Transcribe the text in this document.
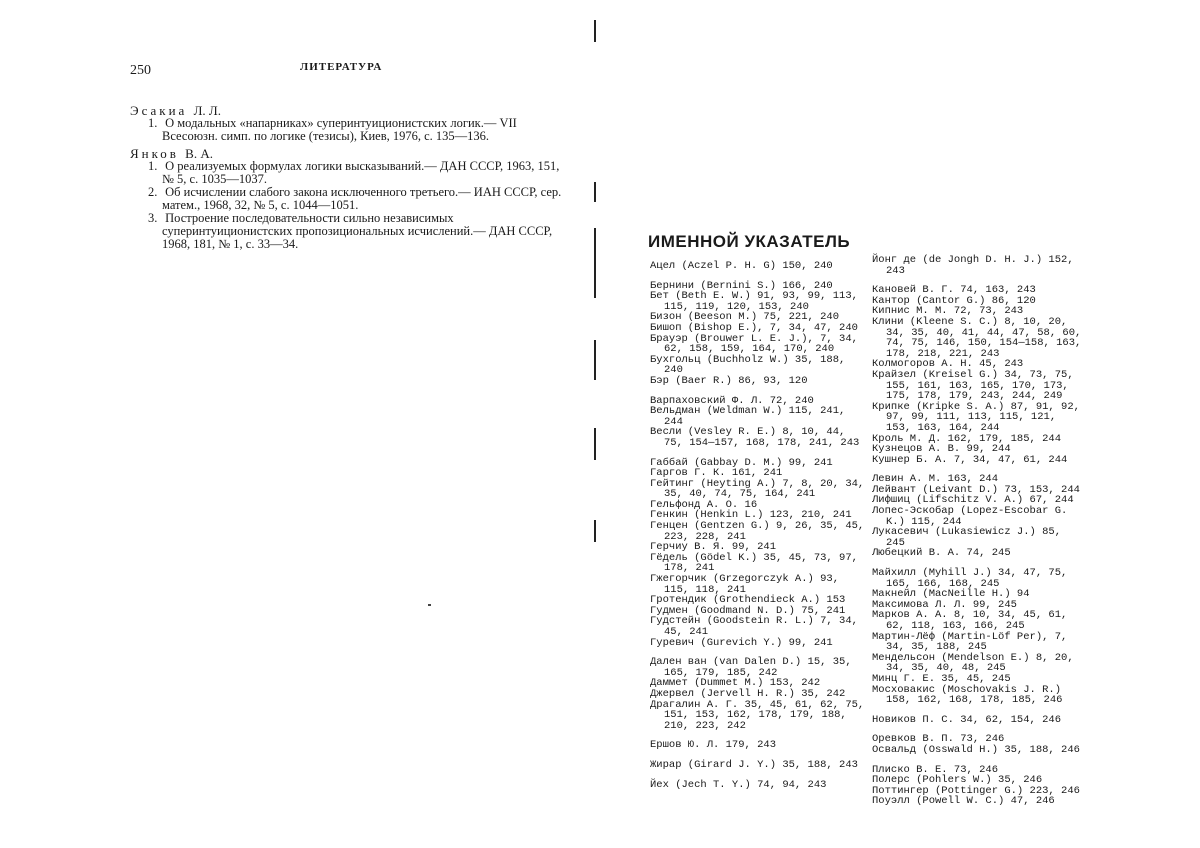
250	ЛИТЕРАТУРА
Эсакиа Л. Л.
1. О модальных «напарниках» суперинтуиционистских логик.— VII Всесоюзн. симп. по логике (тезисы), Киев, 1976, с. 135—136.
Янков В. А.
1. О реализуемых формулах логики высказываний.— ДАН СССР, 1963, 151, № 5, с. 1035—1037.
2. Об исчислении слабого закона исключенного третьего.— ИАН СССР, сер. матем., 1968, 32, № 5, с. 1044—1051.
3. Построение последовательности сильно независимых суперинтуиционистских пропозициональных исчислений.— ДАН СССР, 1968, 181, № 1, с. 33—34.	ИМЕННОЙ УКАЗАТЕЛЬ
Ацел (Aczel P. H. G) 150, 240
Бернини (Bernini S.) 166, 240
Бет (Beth E. W.) 91, 93, 99, 113, 115, 119, 120, 153, 240
Бизон (Beeson M.) 75, 221, 240
Бишоп (Bishop E.), 7, 34, 47, 240
Брауэр (Brouwer L. E. J.), 7, 34, 62, 158, 159, 164, 170, 240
Бухгольц (Buchholz W.) 35, 188, 240
Бэр (Baer R.) 86, 93, 120
Варпаховский Ф. Л. 72, 240
Вельдман (Weldman W.) 115, 241, 244
Весли (Vesley R. E.) 8, 10, 44, 75, 154—157, 168, 178, 241, 243
Габбай (Gabbay D. M.) 99, 241
Гаргов Г. К. 161, 241
Гейтинг (Heyting A.) 7, 8, 20, 34, 35, 40, 74, 75, 164, 241
Гельфонд А. О. 16
Генкин (Henkin L.) 123, 210, 241
Генцен (Gentzen G.) 9, 26, 35, 45, 223, 228, 241
Герчиу В. Я. 99, 241
Гёдель (Gödel K.) 35, 45, 73, 97, 178, 241
Гжегорчик (Grzegorczyk A.) 93, 115, 118, 241
Гротендик (Grothendieck A.) 153
Гудмен (Goodmand N. D.) 75, 241
Гудстейн (Goodstein R. L.) 7, 34, 45, 241
Гуревич (Gurevich Y.) 99, 241
Дален ван (van Dalen D.) 15, 35, 165, 179, 185, 242
Даммет (Dummet M.) 153, 242
Джервел (Jervell H. R.) 35, 242
Драгалин А. Г. 35, 45, 61, 62, 75, 151, 153, 162, 178, 179, 188, 210, 223, 242
Ершов Ю. Л. 179, 243
Жирар (Girard J. Y.) 35, 188, 243
Йех (Jech T. Y.) 74, 94, 243
Йонг де (de Jongh D. H. J.) 152, 243
Кановей В. Г. 74, 163, 243
Кантор (Cantor G.) 86, 120
Кипнис М. М. 72, 73, 243
Клини (Kleene S. C.) 8, 10, 20, 34, 35, 40, 41, 44, 47, 58, 60, 74, 75, 146, 150, 154—158, 163, 178, 218, 221, 243
Колмогоров А. Н. 45, 243
Крайзел (Kreisel G.) 34, 73, 75, 155, 161, 163, 165, 170, 173, 175, 178, 179, 243, 244, 249
Крипке (Kripke S. A.) 87, 91, 92, 97, 99, 111, 113, 115, 121, 153, 163, 164, 244
Кроль М. Д. 162, 179, 185, 244
Кузнецов А. В. 99, 244
Кушнер Б. А. 7, 34, 47, 61, 244
Левин А. М. 163, 244
Лейвант (Leivant D.) 73, 153, 244
Лифшиц (Lifschitz V. A.) 67, 244
Лопес-Эскобар (Lopez-Escobar G. K.) 115, 244
Лукасевич (Lukasiewicz J.) 85, 245
Любецкий В. А. 74, 245
Майхилл (Myhill J.) 34, 47, 75, 165, 166, 168, 245
Макнейл (MacNeille H.) 94
Максимова Л. Л. 99, 245
Марков А. А. 8, 10, 34, 45, 61, 62, 118, 163, 166, 245
Мартин-Лёф (Martin-Löf Per), 7, 34, 35, 188, 245
Мендельсон (Mendelson E.) 8, 20, 34, 35, 40, 48, 245
Минц Г. Е. 35, 45, 245
Мосховакис (Moschovakis J. R.) 158, 162, 168, 178, 185, 246
Новиков П. С. 34, 62, 154, 246
Оревков В. П. 73, 246
Освальд (Osswald H.) 35, 188, 246
Плиско В. Е. 73, 246
Полерс (Pohlers W.) 35, 246
Поттингер (Pottinger G.) 223, 246
Поуэлл (Powell W. C.) 47, 246
